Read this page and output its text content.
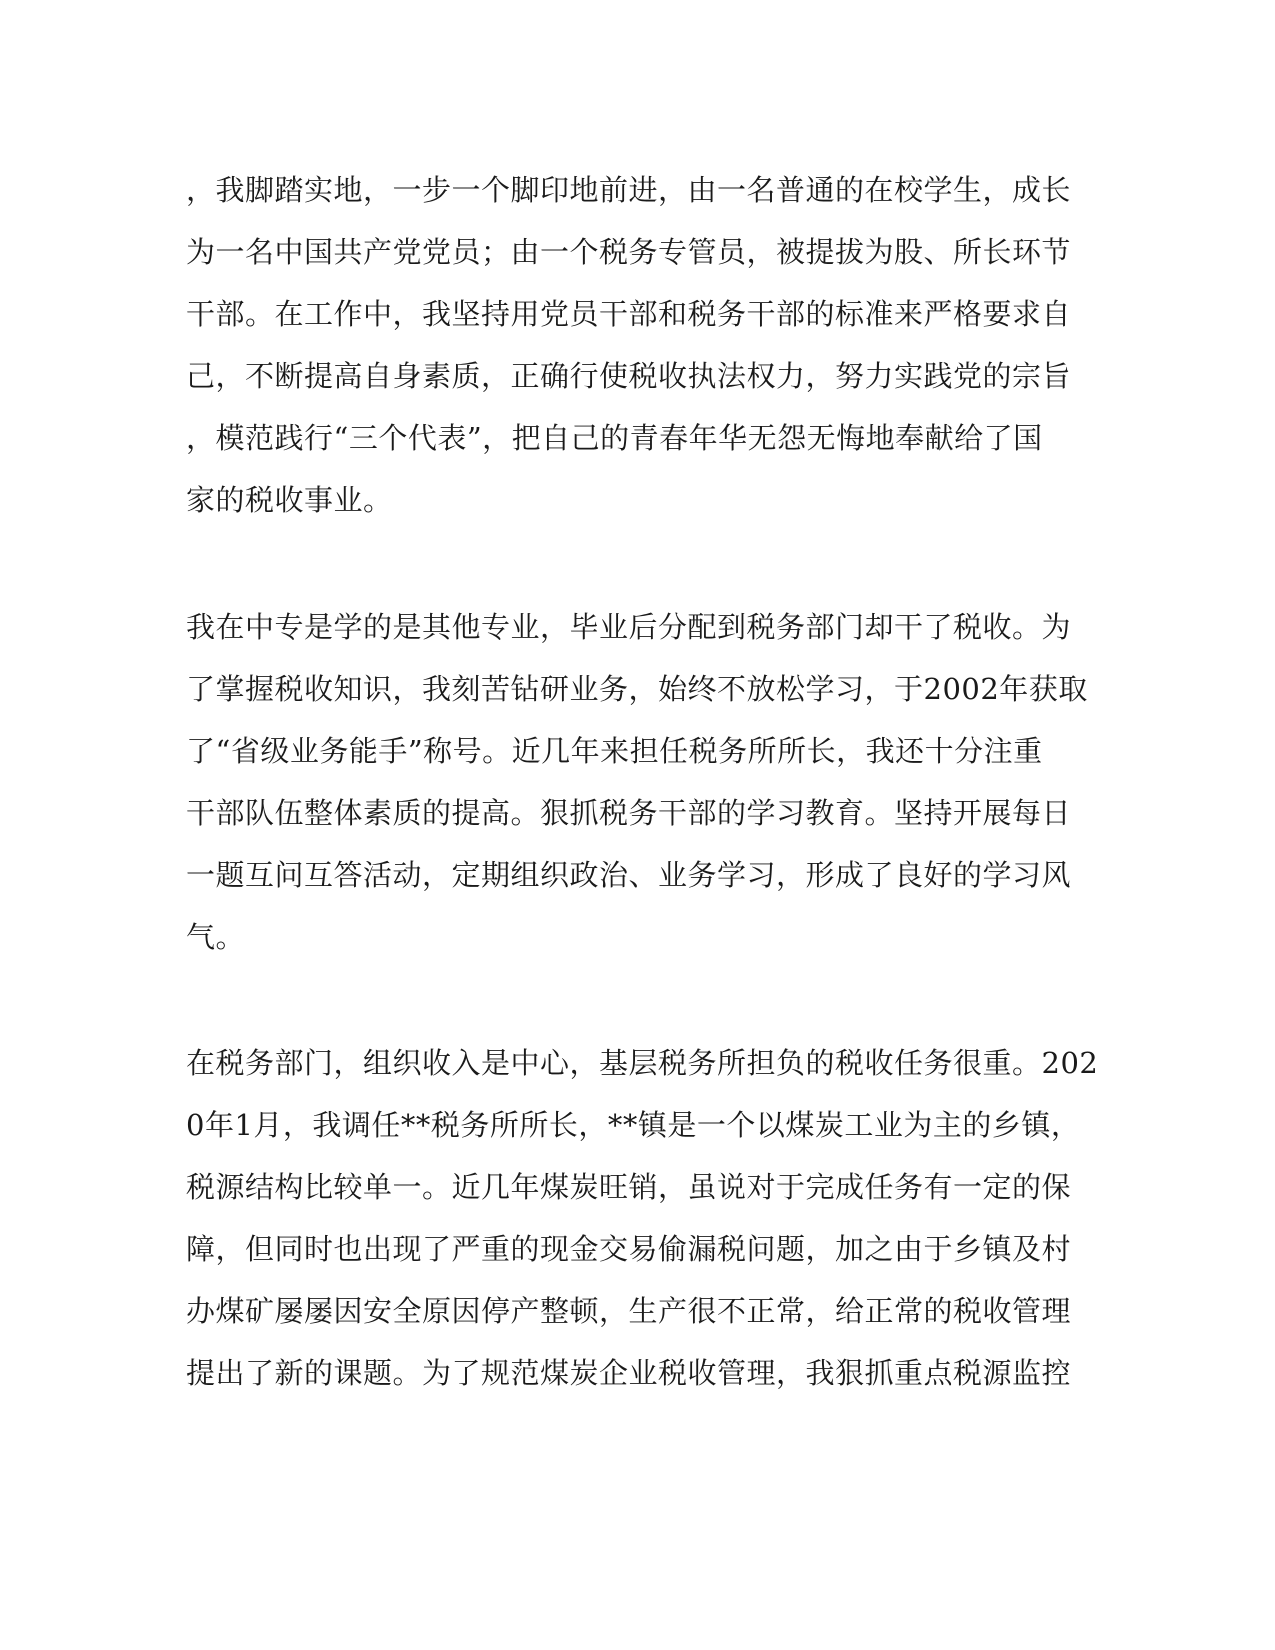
，我脚踏实地，一步一个脚印地前进，由一名普通的在校学生，成长
为一名中国共产党党员；由一个税务专管员，被提拔为股、所长环节
干部。在工作中，我坚持用党员干部和税务干部的标准来严格要求自
己，不断提高自身素质，正确行使税收执法权力，努力实践党的宗旨
，模范践行“三个代表”，把自己的青春年华无怨无悔地奉献给了国
家的税收事业。
我在中专是学的是其他专业，毕业后分配到税务部门却干了税收。为
了掌握税收知识，我刻苦钻研业务，始终不放松学习，于2002年获取
了“省级业务能手”称号。近几年来担任税务所所长，我还十分注重
干部队伍整体素质的提高。狠抓税务干部的学习教育。坚持开展每日
一题互问互答活动，定期组织政治、业务学习，形成了良好的学习风
气。
在税务部门，组织收入是中心，基层税务所担负的税收任务很重。202
0年1月，我调任**税务所所长，**镇是一个以煤炭工业为主的乡镇，
税源结构比较单一。近几年煤炭旺销，虽说对于完成任务有一定的保
障，但同时也出现了严重的现金交易偷漏税问题，加之由于乡镇及村
办煤矿屡屡因安全原因停产整顿，生产很不正常，给正常的税收管理
提出了新的课题。为了规范煤炭企业税收管理，我狠抓重点税源监控
